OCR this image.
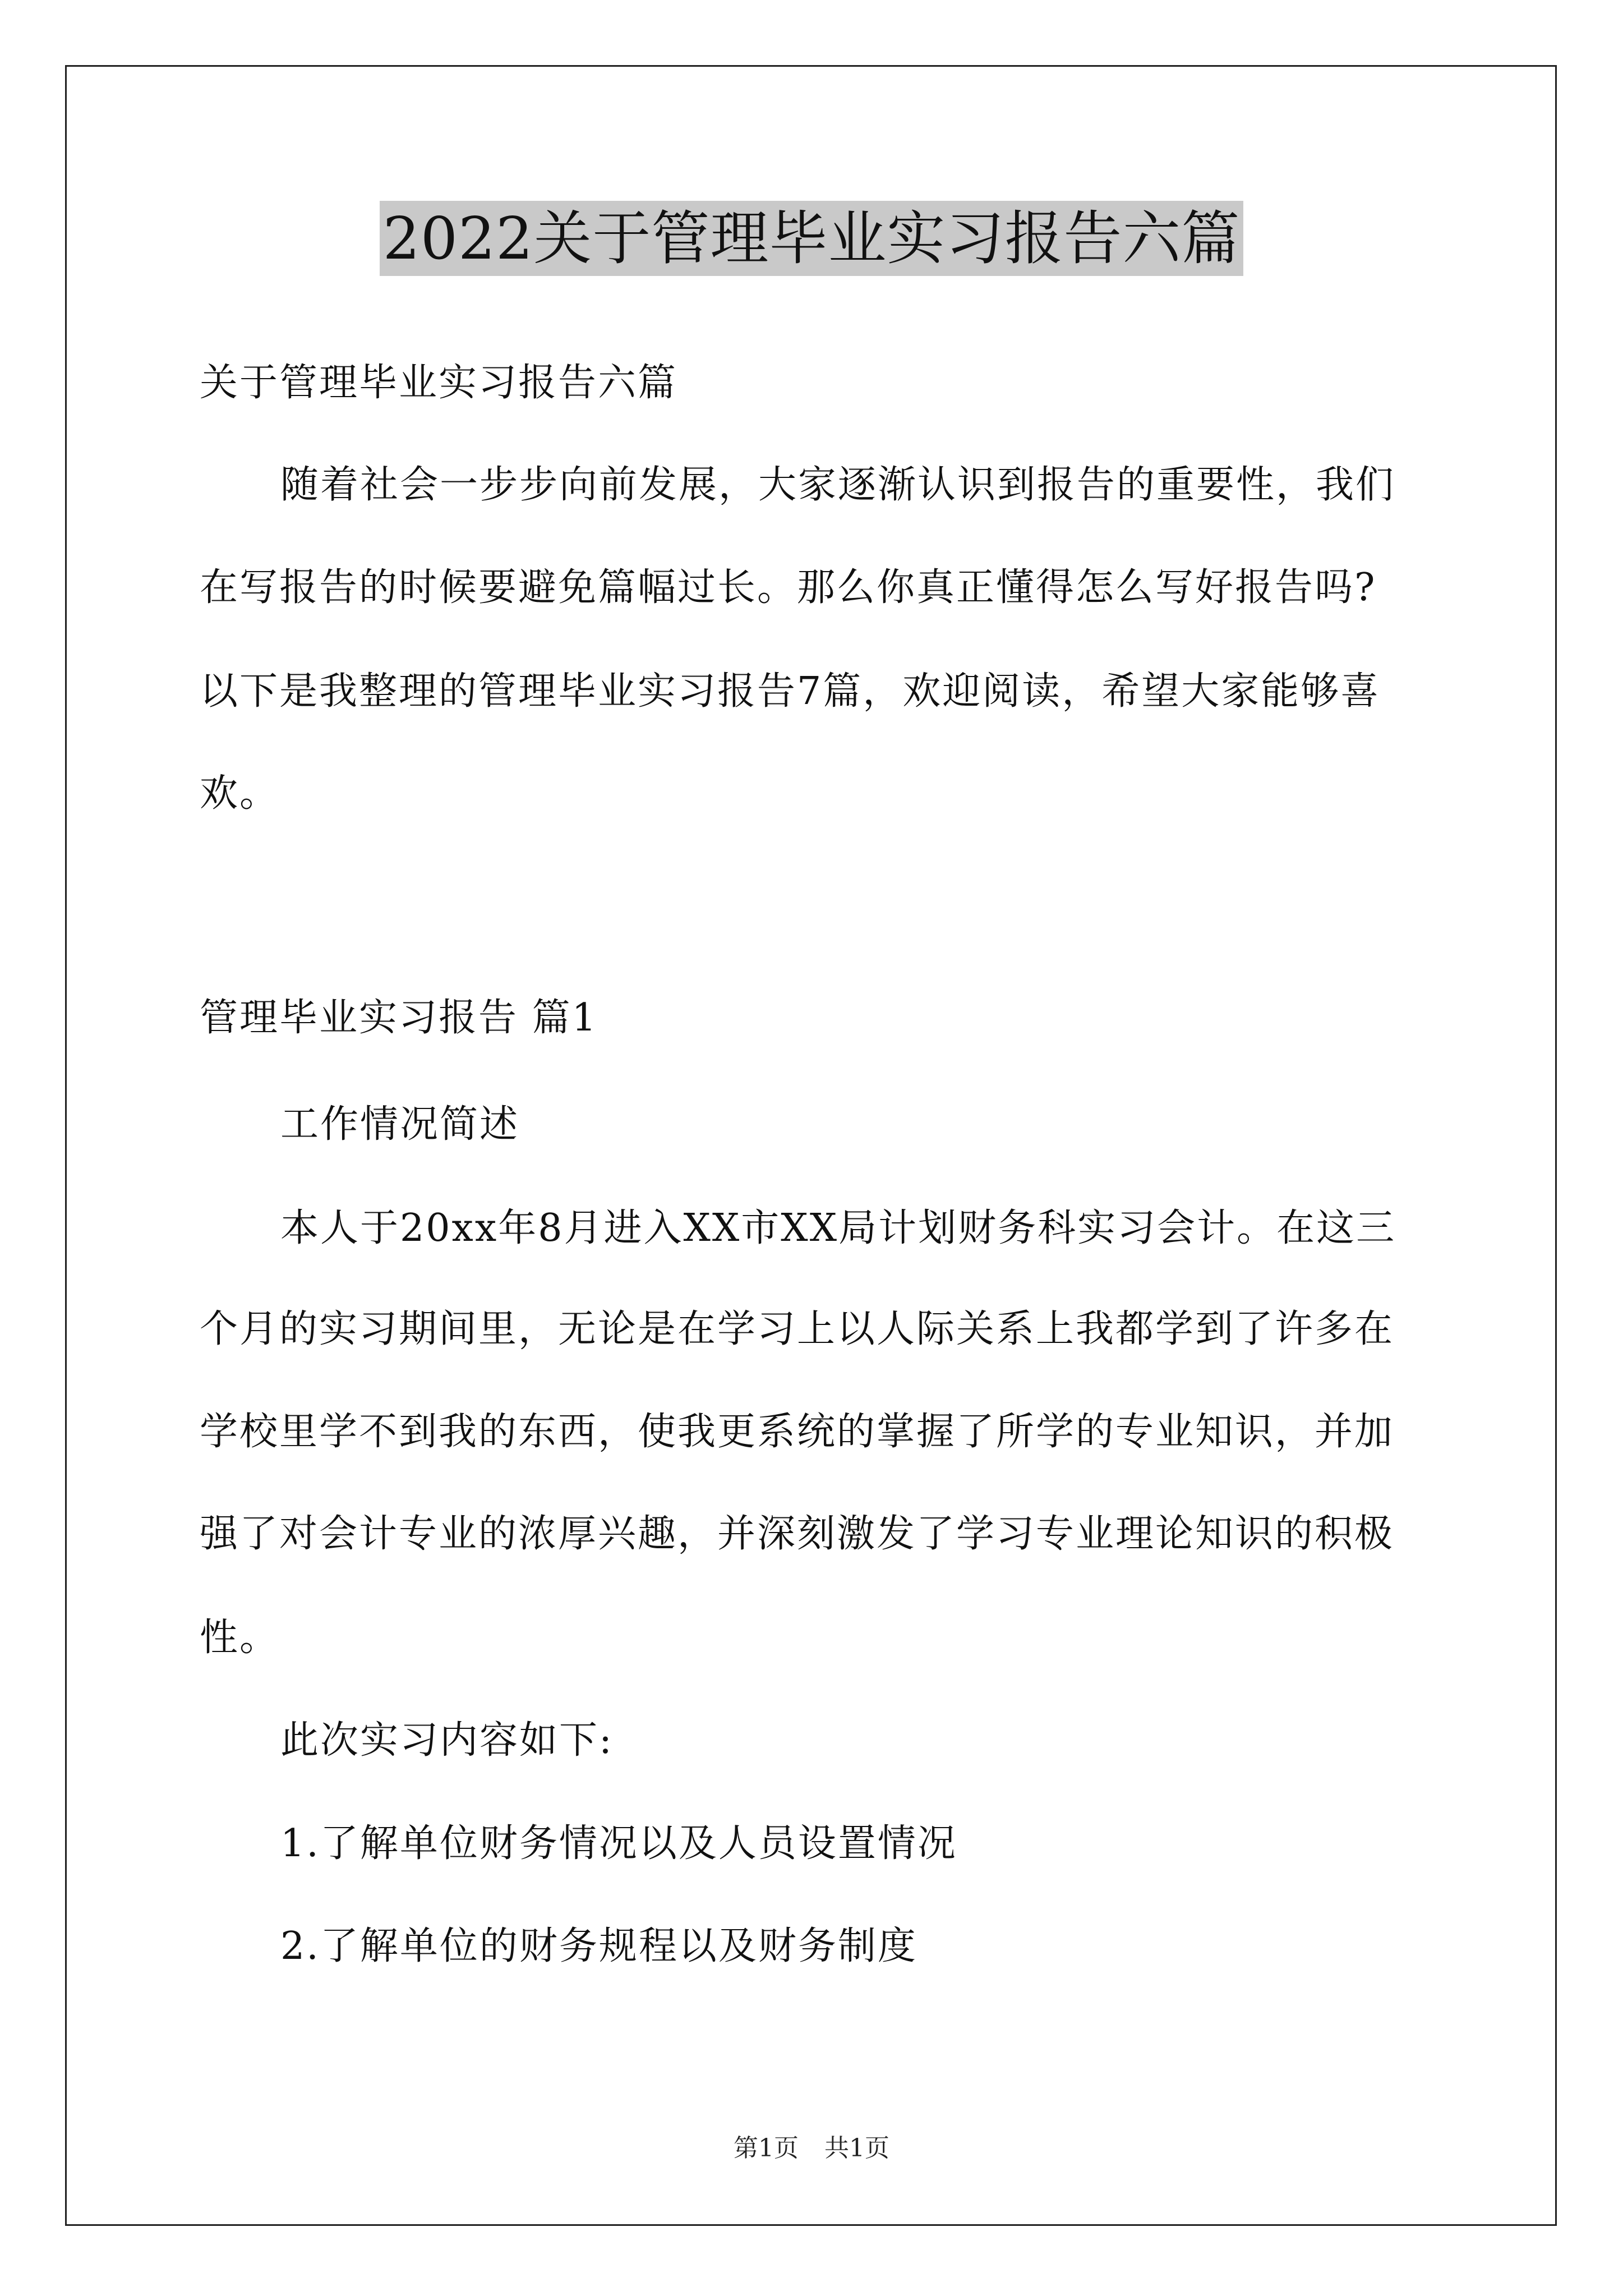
2022关于管理毕业实习报告六篇
关于管理毕业实习报告六篇
随着社会一步步向前发展，大家逐渐认识到报告的重要性，我们
在写报告的时候要避免篇幅过长。那么你真正懂得怎么写好报告吗?
以下是我整理的管理毕业实习报告7篇，欢迎阅读，希望大家能够喜
欢。
管理毕业实习报告 篇1
工作情况简述
本人于20xx年8月进入XX市XX局计划财务科实习会计。在这三
个月的实习期间里，无论是在学习上以人际关系上我都学到了许多在
学校里学不到我的东西，使我更系统的掌握了所学的专业知识，并加
强了对会计专业的浓厚兴趣，并深刻激发了学习专业理论知识的积极
性。
此次实习内容如下:
1.了解单位财务情况以及人员设置情况
2.了解单位的财务规程以及财务制度
第1页 共1页
